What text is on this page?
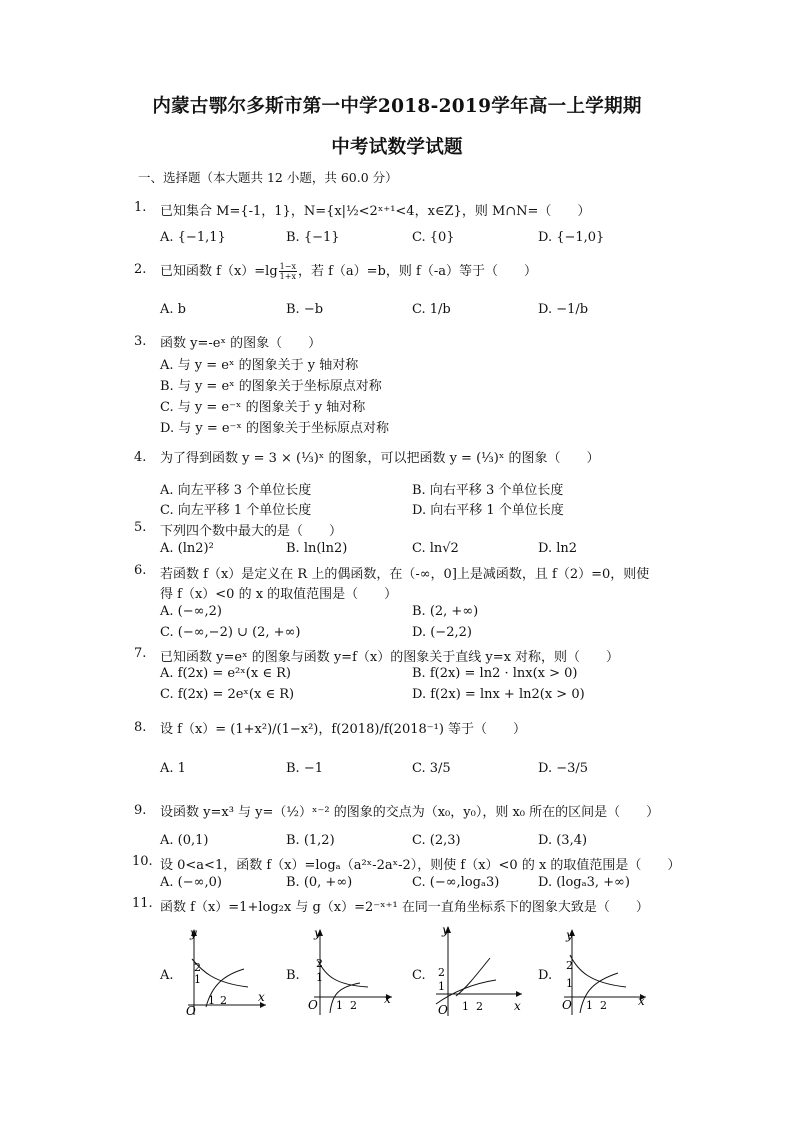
内蒙古鄂尔多斯市第一中学2018-2019学年高一上学期期
中考试数学试题
一、选择题（本大题共 12 小题，共 60.0 分）
1. 已知集合 M={-1，1}，N={x|½<2ˣ⁺¹<4，x∈Z}，则 M∩N=（　　）
A. {−1,1}	B. {−1}	C. {0}	D. {−1,0}
2. 已知函数 $f(x)=\lg \frac{1-x}{1+x}$ ，若 f（a）=b，则 f（-a）等于（　　）
A. b	B. −b	C. 1/b	D. −1/b
3. 函数 y=-eˣ 的图象（　　）
A. 与 y = eˣ 的图象关于 y 轴对称
B. 与 y = eˣ 的图象关于坐标原点对称
C. 与 y = e⁻ˣ 的图象关于 y 轴对称
D. 与 y = e⁻ˣ 的图象关于坐标原点对称
4. 为了得到函数 y = 3 × (⅓)ˣ 的图象，可以把函数 y = (⅓)ˣ 的图象（　　）
A. 向左平移 3 个单位长度	B. 向右平移 3 个单位长度
C. 向左平移 1 个单位长度	D. 向右平移 1 个单位长度
5. 下列四个数中最大的是（　　）
A. (ln2)²	B. ln(ln2)	C. ln√2	D. ln2
6. 若函数 f（x）是定义在 R 上的偶函数，在（-∞，0]上是减函数，且 f（2）=0，则使
得 f（x）<0 的 x 的取值范围是（　　）
A. (−∞,2)	B. (2, +∞)
C. (−∞,−2) ∪ (2, +∞)	D. (−2,2)
7. 已知函数 y=eˣ 的图象与函数 y=f（x）的图象关于直线 y=x 对称，则（　　）
A. f(2x) = e²ˣ(x ∈ R)	B. f(2x) = ln2 · lnx(x > 0)
C. f(2x) = 2eˣ(x ∈ R)	D. f(2x) = lnx + ln2(x > 0)
8. 设 f（x）= (1+x²)/(1−x²)，f(2018)/f(2018⁻¹) 等于（　　）
A. 1	B. −1	C. 3/5	D. −3/5
9. 设函数 y=x³ 与 y=（½）ˣ⁻² 的图象的交点为（x₀，y₀），则 x₀ 所在的区间是（　　）
A. (0,1)	B. (1,2)	C. (2,3)	D. (3,4)
10. 设 0<a<1，函数 f（x）=logₐ（a²ˣ-2aˣ-2），则使 f（x）<0 的 x 的取值范围是（　　）
A. (−∞,0)	B. (0, +∞)	C. (−∞,logₐ3)	D. (logₐ3, +∞)
11. 函数 f（x）=1+log₂x 与 g（x）=2⁻ˣ⁺¹ 在同一直角坐标系下的图象大致是（　　）
A.	B.	C.	D.
y
x
O
2
1
1 2
y
x
O
2
1
1 2
y
x
O
2
1
1 2
y
x
O
2
1
1 2
